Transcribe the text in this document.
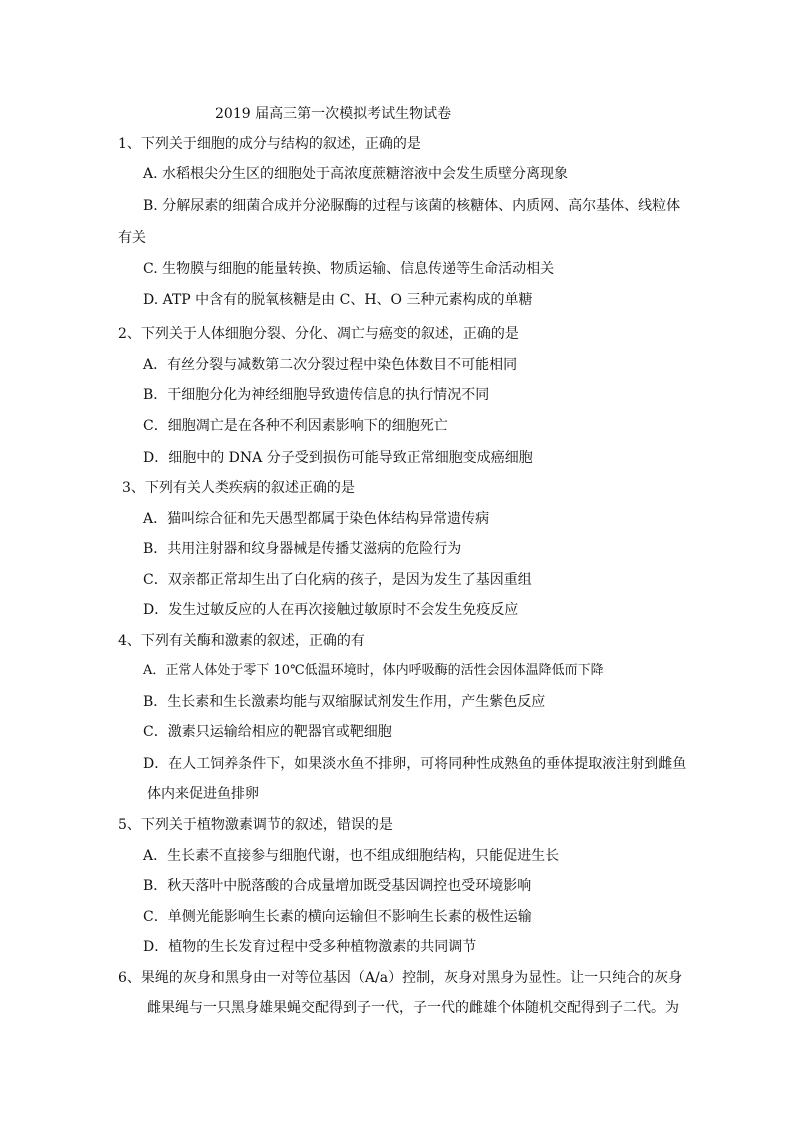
2019 届高三第一次模拟考试生物试卷
1、下列关于细胞的成分与结构的叙述，正确的是
A. 水稻根尖分生区的细胞处于高浓度蔗糖溶液中会发生质壁分离现象
B. 分解尿素的细菌合成并分泌脲酶的过程与该菌的核糖体、内质网、高尔基体、线粒体
有关
C. 生物膜与细胞的能量转换、物质运输、信息传递等生命活动相关
D. ATP 中含有的脱氧核糖是由 C、H、O 三种元素构成的单糖
2、下列关于人体细胞分裂、分化、凋亡与癌变的叙述，正确的是
A．有丝分裂与减数第二次分裂过程中染色体数目不可能相同
B．干细胞分化为神经细胞导致遗传信息的执行情况不同
C．细胞凋亡是在各种不利因素影响下的细胞死亡
D．细胞中的 DNA 分子受到损伤可能导致正常细胞变成癌细胞
3、下列有关人类疾病的叙述正确的是
A．猫叫综合征和先天愚型都属于染色体结构异常遗传病
B．共用注射器和纹身器械是传播艾滋病的危险行为
C．双亲都正常却生出了白化病的孩子，是因为发生了基因重组
D．发生过敏反应的人在再次接触过敏原时不会发生免疫反应
4、下列有关酶和激素的叙述，正确的有
A．正常人体处于零下 10℃低温环境时，体内呼吸酶的活性会因体温降低而下降
B．生长素和生长激素均能与双缩脲试剂发生作用，产生紫色反应
C．激素只运输给相应的靶器官或靶细胞
D．在人工饲养条件下，如果淡水鱼不排卵，可将同种性成熟鱼的垂体提取液注射到雌鱼
体内来促进鱼排卵
5、下列关于植物激素调节的叙述，错误的是
A．生长素不直接参与细胞代谢，也不组成细胞结构，只能促进生长
B．秋天落叶中脱落酸的合成量增加既受基因调控也受环境影响
C．单侧光能影响生长素的横向运输但不影响生长素的极性运输
D．植物的生长发育过程中受多种植物激素的共同调节
6、果绳的灰身和黑身由一对等位基因（A/a）控制，灰身对黑身为显性。让一只纯合的灰身
雌果绳与一只黑身雄果蝇交配得到子一代，子一代的雌雄个体随机交配得到子二代。为
